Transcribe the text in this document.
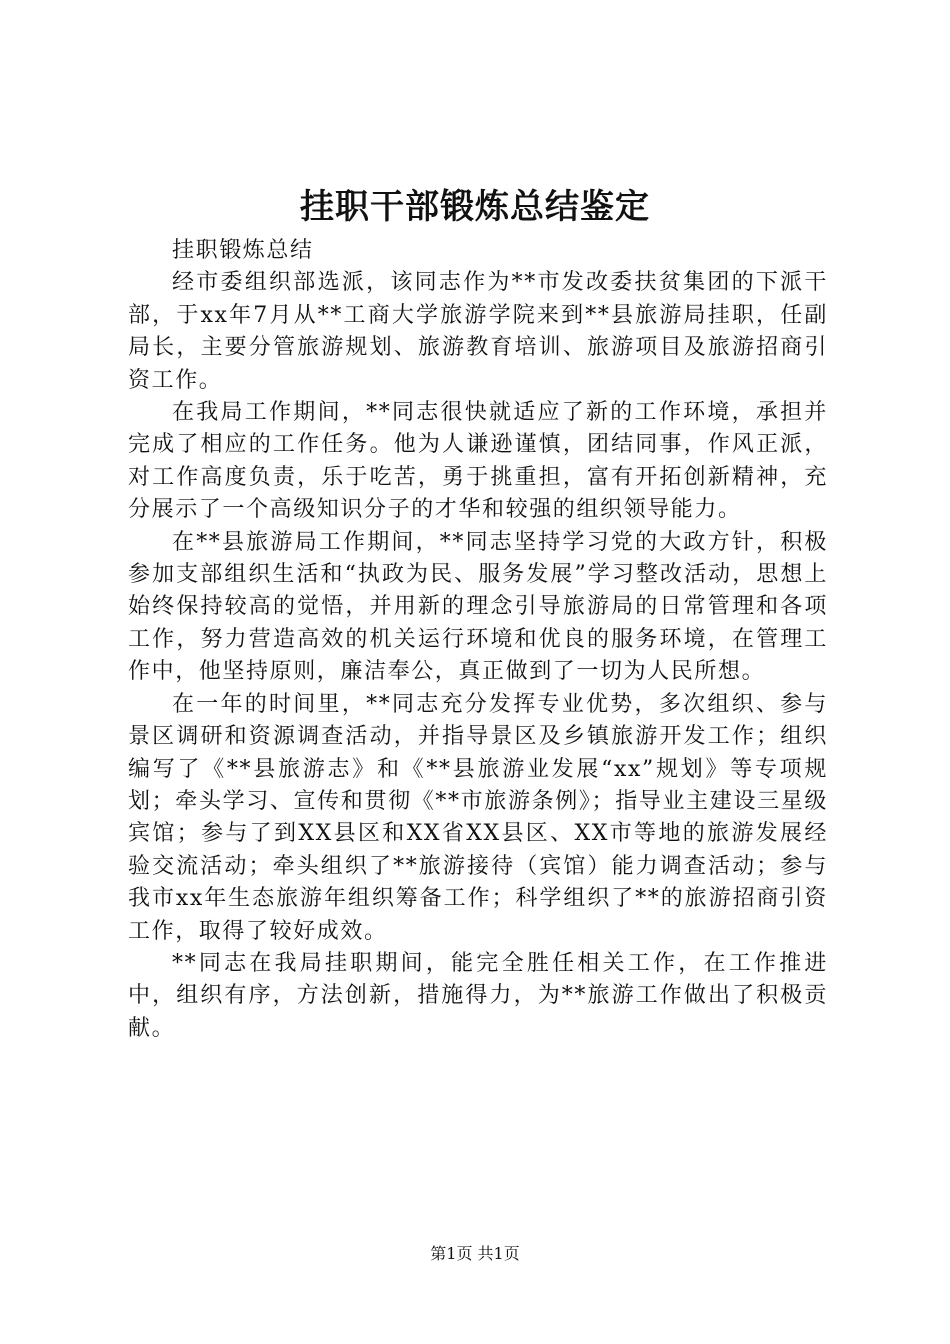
挂职干部锻炼总结鉴定

挂职锻炼总结

经市委组织部选派，该同志作为**市发改委扶贫集团的下派干部，于xx年7月从**工商大学旅游学院来到**县旅游局挂职，任副局长，主要分管旅游规划、旅游教育培训、旅游项目及旅游招商引资工作。

在我局工作期间，**同志很快就适应了新的工作环境，承担并完成了相应的工作任务。他为人谦逊谨慎，团结同事，作风正派，对工作高度负责，乐于吃苦，勇于挑重担，富有开拓创新精神，充分展示了一个高级知识分子的才华和较强的组织领导能力。

在**县旅游局工作期间，**同志坚持学习党的大政方针，积极参加支部组织生活和“执政为民、服务发展”学习整改活动，思想上始终保持较高的觉悟，并用新的理念引导旅游局的日常管理和各项工作，努力营造高效的机关运行环境和优良的服务环境，在管理工作中，他坚持原则，廉洁奉公，真正做到了一切为人民所想。

在一年的时间里，**同志充分发挥专业优势，多次组织、参与景区调研和资源调查活动，并指导景区及乡镇旅游开发工作；组织编写了《**县旅游志》和《**县旅游业发展“xx”规划》等专项规划；牵头学习、宣传和贯彻《**市旅游条例》；指导业主建设三星级宾馆；参与了到XX县区和XX省XX县区、XX市等地的旅游发展经验交流活动；牵头组织了**旅游接待（宾馆）能力调查活动；参与我市xx年生态旅游年组织筹备工作；科学组织了**的旅游招商引资工作，取得了较好成效。

**同志在我局挂职期间，能完全胜任相关工作，在工作推进中，组织有序，方法创新，措施得力，为**旅游工作做出了积极贡献。

第1页 共1页
